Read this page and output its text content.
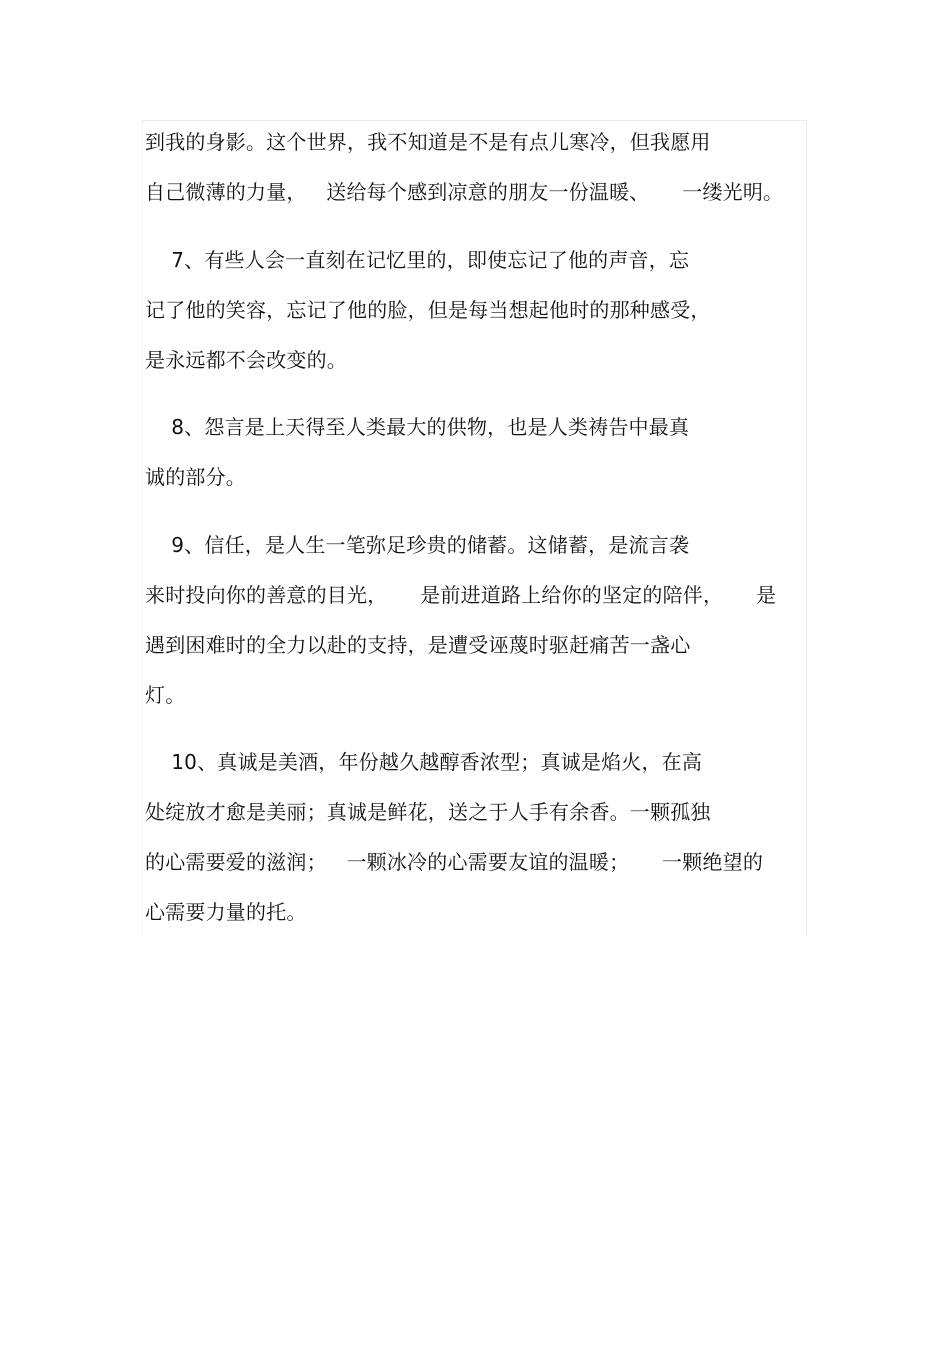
到我的身影。这个世界，我不知道是不是有点儿寒冷，但我愿用
自己微薄的力量，   送给每个感到凉意的朋友一份温暖、     一缕光明。
7、有些人会一直刻在记忆里的，即使忘记了他的声音，忘
记了他的笑容，忘记了他的脸，但是每当想起他时的那种感受，
是永远都不会改变的。
8、怨言是上天得至人类最大的供物，也是人类祷告中最真
诚的部分。
9、信任，是人生一笔弥足珍贵的储蓄。这储蓄，是流言袭
来时投向你的善意的目光，     是前进道路上给你的坚定的陪伴，     是
遇到困难时的全力以赴的支持，是遭受诬蔑时驱赶痛苦一盏心
灯。
10、真诚是美酒，年份越久越醇香浓型；真诚是焰火，在高
处绽放才愈是美丽；真诚是鲜花，送之于人手有余香。一颗孤独
的心需要爱的滋润；   一颗冰冷的心需要友谊的温暖；     一颗绝望的
心需要力量的托。
